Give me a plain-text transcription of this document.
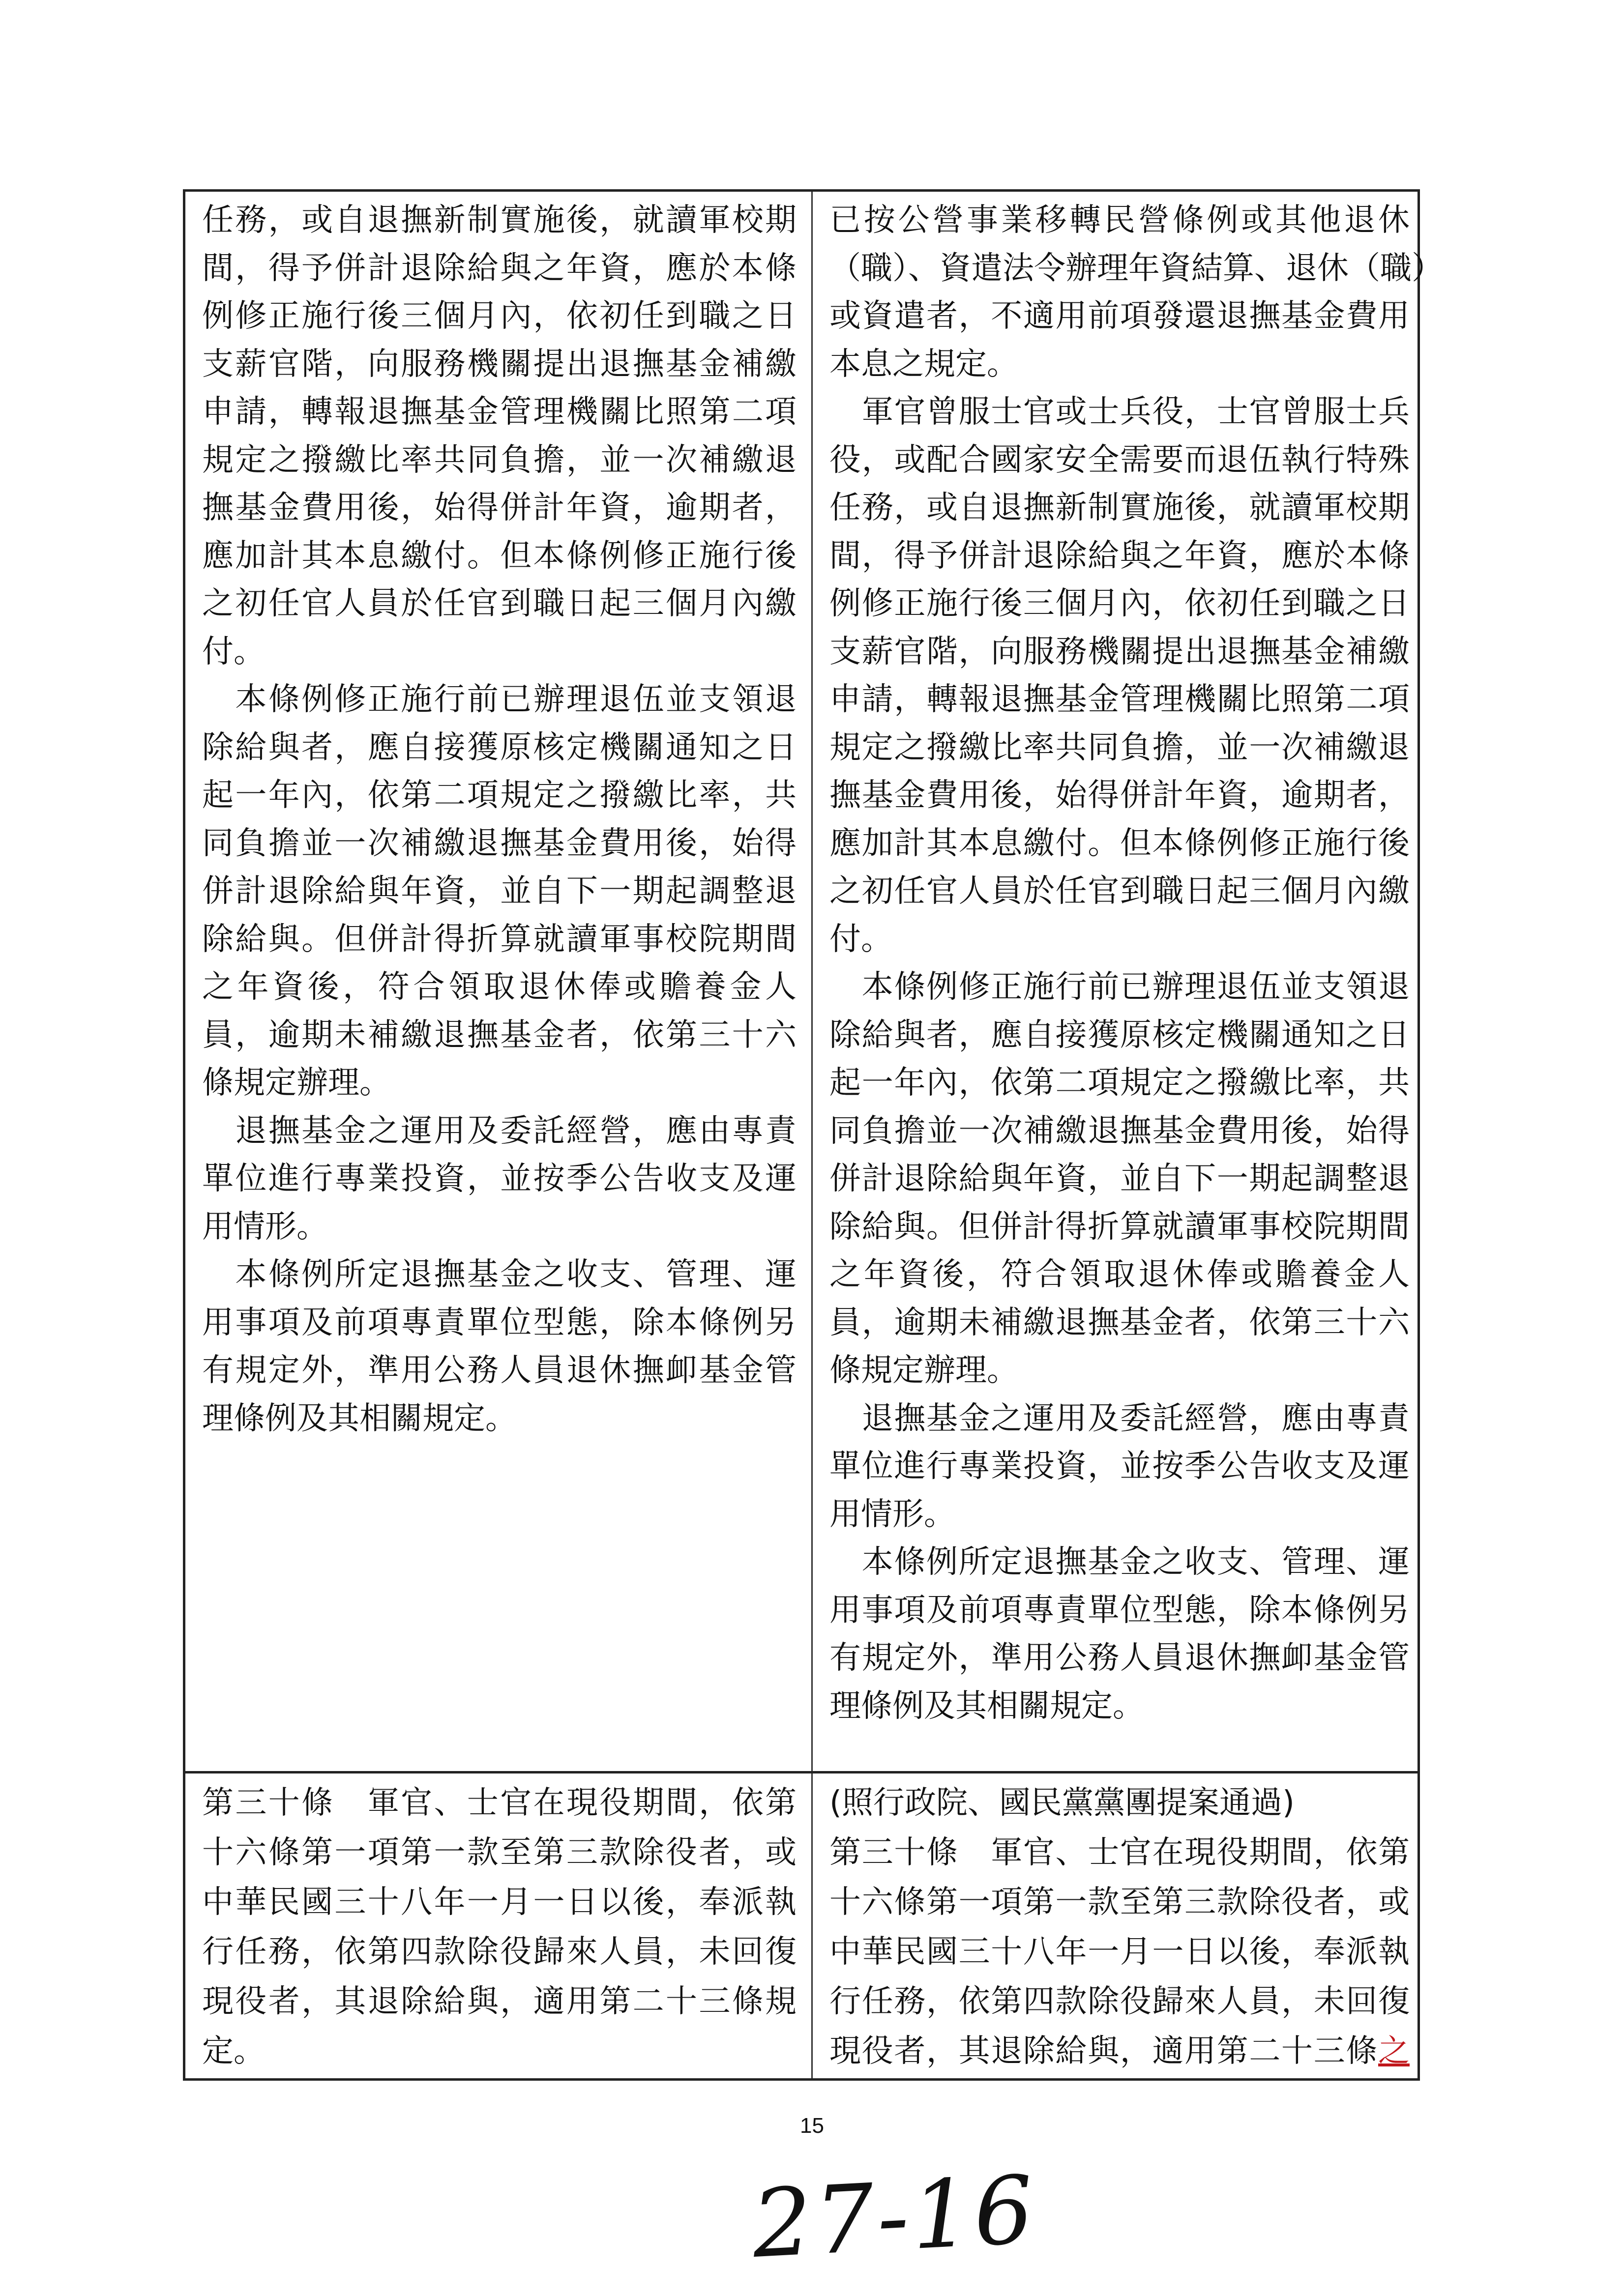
任務，或自退撫新制實施後，就讀軍校期
間，得予併計退除給與之年資，應於本條
例修正施行後三個月內，依初任到職之日
支薪官階，向服務機關提出退撫基金補繳
申請，轉報退撫基金管理機關比照第二項
規定之撥繳比率共同負擔，並一次補繳退
撫基金費用後，始得併計年資，逾期者，
應加計其本息繳付。但本條例修正施行後
之初任官人員於任官到職日起三個月內繳
付。
　本條例修正施行前已辦理退伍並支領退
除給與者，應自接獲原核定機關通知之日
起一年內，依第二項規定之撥繳比率，共
同負擔並一次補繳退撫基金費用後，始得
併計退除給與年資，並自下一期起調整退
除給與。但併計得折算就讀軍事校院期間
之年資後，符合領取退休俸或贍養金人
員，逾期未補繳退撫基金者，依第三十六
條規定辦理。
　退撫基金之運用及委託經營，應由專責
單位進行專業投資，並按季公告收支及運
用情形。
　本條例所定退撫基金之收支、管理、運
用事項及前項專責單位型態，除本條例另
有規定外，準用公務人員退休撫卹基金管
理條例及其相關規定。
已按公營事業移轉民營條例或其他退休
（職）、資遣法令辦理年資結算、退休（職）
或資遣者，不適用前項發還退撫基金費用
本息之規定。
　軍官曾服士官或士兵役，士官曾服士兵
役，或配合國家安全需要而退伍執行特殊
任務，或自退撫新制實施後，就讀軍校期
間，得予併計退除給與之年資，應於本條
例修正施行後三個月內，依初任到職之日
支薪官階，向服務機關提出退撫基金補繳
申請，轉報退撫基金管理機關比照第二項
規定之撥繳比率共同負擔，並一次補繳退
撫基金費用後，始得併計年資，逾期者，
應加計其本息繳付。但本條例修正施行後
之初任官人員於任官到職日起三個月內繳
付。
　本條例修正施行前已辦理退伍並支領退
除給與者，應自接獲原核定機關通知之日
起一年內，依第二項規定之撥繳比率，共
同負擔並一次補繳退撫基金費用後，始得
併計退除給與年資，並自下一期起調整退
除給與。但併計得折算就讀軍事校院期間
之年資後，符合領取退休俸或贍養金人
員，逾期未補繳退撫基金者，依第三十六
條規定辦理。
　退撫基金之運用及委託經營，應由專責
單位進行專業投資，並按季公告收支及運
用情形。
　本條例所定退撫基金之收支、管理、運
用事項及前項專責單位型態，除本條例另
有規定外，準用公務人員退休撫卹基金管
理條例及其相關規定。
第三十條　軍官、士官在現役期間，依第
十六條第一項第一款至第三款除役者，或
中華民國三十八年一月一日以後，奉派執
行任務，依第四款除役歸來人員，未回復
現役者，其退除給與，適用第二十三條規
定。
(照行政院、國民黨黨團提案通過)
第三十條　軍官、士官在現役期間，依第
十六條第一項第一款至第三款除役者，或
中華民國三十八年一月一日以後，奉派執
行任務，依第四款除役歸來人員，未回復
現役者，其退除給與，適用第二十三條之
15
27-16
